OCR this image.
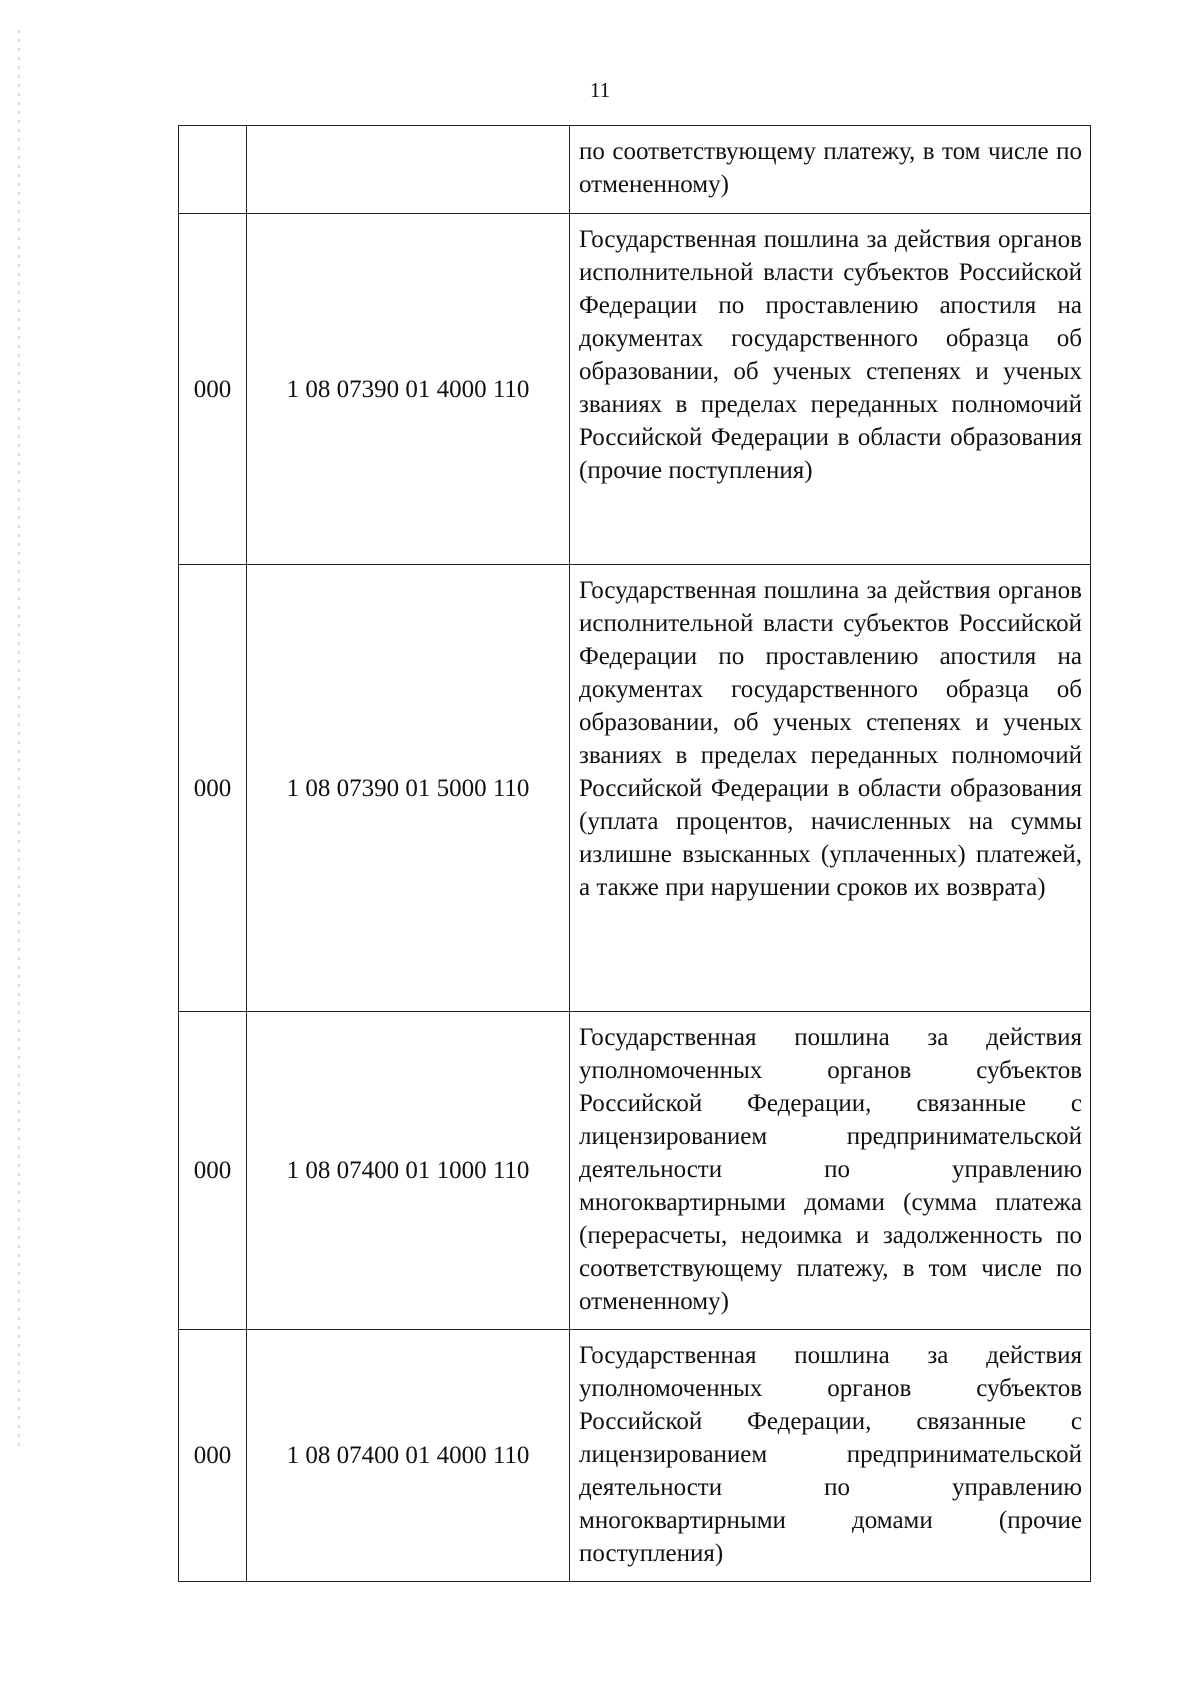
11
		по соответствующему платежу, в том числе по отмененному)
000	1 08 07390 01 4000 110	Государственная пошлина за действия органов исполнительной власти субъектов Российской Федерации по проставлению апостиля на документах государственного образца об образовании, об ученых степенях и ученых званиях в пределах переданных полномочий Российской Федерации в области образования (прочие поступления)
000	1 08 07390 01 5000 110	Государственная пошлина за действия органов исполнительной власти субъектов Российской Федерации по проставлению апостиля на документах государственного образца об образовании, об ученых степенях и ученых званиях в пределах переданных полномочий Российской Федерации в области образования (уплата процентов, начисленных на суммы излишне взысканных (уплаченных) платежей, а также при нарушении сроков их возврата)
000	1 08 07400 01 1000 110	Государственная пошлина за действия уполномоченных органов субъектов Российской Федерации, связанные с лицензированием предпринимательской деятельности по управлению многоквартирными домами (сумма платежа (перерасчеты, недоимка и задолженность по соответствующему платежу, в том числе по отмененному)
000	1 08 07400 01 4000 110	Государственная пошлина за действия уполномоченных органов субъектов Российской Федерации, связанные с лицензированием предпринимательской деятельности по управлению многоквартирными домами (прочие поступления)
